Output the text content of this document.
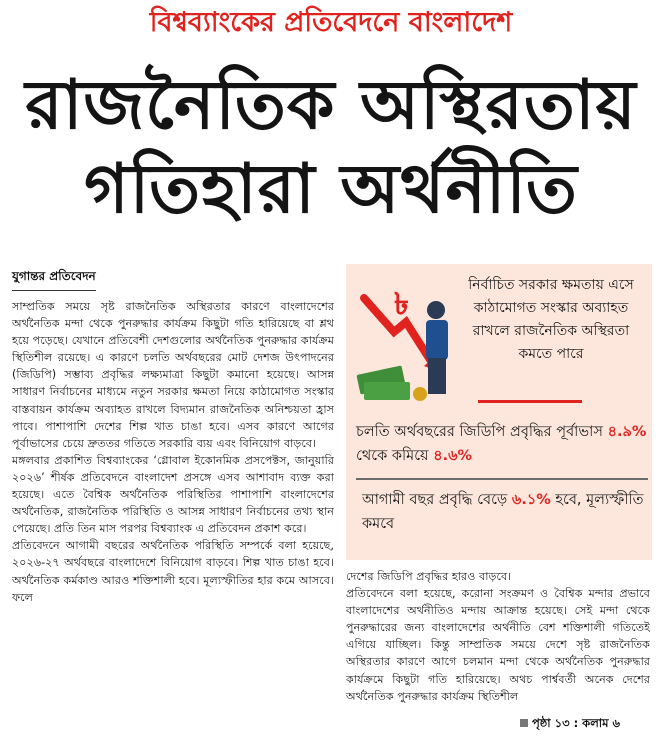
বিশ্বব্যাংকের প্রতিবেদনে বাংলাদেশ
রাজনৈতিক অস্থিরতায়
গতিহারা অর্থনীতি
যুগান্তর প্রতিবেদন

সাম্প্রতিক সময়ে সৃষ্ট রাজনৈতিক অস্থিরতার কারণে বাংলাদেশের অর্থনৈতিক মন্দা থেকে পুনরুদ্ধার কার্যক্রম কিছুটা গতি হারিয়েছে বা শ্লথ হয়ে পড়েছে। যেখানে প্রতিবেশী দেশগুলোর অর্থনৈতিক পুনরুদ্ধার কার্যক্রম স্থিতিশীল রয়েছে। এ কারণে চলতি অর্থবছরের মোট দেশজ উৎপাদনের (জিডিপি) সম্ভাব্য প্রবৃদ্ধির লক্ষ্যমাত্রা কিছুটা কমানো হয়েছে। আসন্ন সাধারণ নির্বাচনের মাধ্যমে নতুন সরকার ক্ষমতা নিয়ে কাঠামোগত সংস্কার বাস্তবায়ন কার্যক্রম অব্যাহত রাখলে বিদ্যমান রাজনৈতিক অনিশ্চয়তা হ্রাস পাবে। পাশাপাশি দেশের শিল্প খাত চাঙা হবে। এসব কারণে আগের পূর্বাভাসের চেয়ে দ্রুততর গতিতে সরকারি ব্যয় এবং বিনিয়োগ বাড়বে।

মঙ্গলবার প্রকাশিত বিশ্বব্যাংকের ‘গ্লোবাল ইকোনমিক প্রসপেক্টস, জানুয়ারি ২০২৬’ শীর্ষক প্রতিবেদনে বাংলাদেশ প্রসঙ্গে এসব আশাবাদ ব্যক্ত করা হয়েছে। এতে বৈশ্বিক অর্থনৈতিক পরিস্থিতির পাশাপাশি বাংলাদেশের অর্থনৈতিক, রাজনৈতিক পরিস্থিতি ও আসন্ন সাধারণ নির্বাচনের তথ্য স্থান পেয়েছে। প্রতি তিন মাস পরপর বিশ্বব্যাংক এ প্রতিবেদন প্রকাশ করে।

প্রতিবেদনে আগামী বছরের অর্থনৈতিক পরিস্থিতি সম্পর্কে বলা হয়েছে, ২০২৬-২৭ অর্থবছরে বাংলাদেশে বিনিয়োগ বাড়বে। শিল্প খাত চাঙা হবে। অর্থনৈতিক কর্মকাণ্ড আরও শক্তিশালী হবে। মূল্যস্ফীতির হার কমে আসবে। ফলে

৳
নির্বাচিত সরকার ক্ষমতায় এসে কাঠামোগত সংস্কার অব্যাহত রাখলে রাজনৈতিক অস্থিরতা কমতে পারে
চলতি অর্থবছরের জিডিপি প্রবৃদ্ধির পূর্বাভাস ৪.৯% থেকে কমিয়ে ৪.৬%
আগামী বছর প্রবৃদ্ধি বেড়ে ৬.১% হবে, মূল্যস্ফীতি কমবে

দেশের জিডিপি প্রবৃদ্ধির হারও বাড়বে।

প্রতিবেদনে বলা হয়েছে, করোনা সংক্রমণ ও বৈশ্বিক মন্দার প্রভাবে বাংলাদেশের অর্থনীতিও মন্দায় আক্রান্ত হয়েছে। সেই মন্দা থেকে পুনরুদ্ধারের জন্য বাংলাদেশের অর্থনীতি বেশ শক্তিশালী গতিতেই এগিয়ে যাচ্ছিল। কিন্তু সাম্প্রতিক সময়ে দেশে সৃষ্ট রাজনৈতিক অস্থিরতার কারণে আগে চলমান মন্দা থেকে অর্থনৈতিক পুনরুদ্ধার কার্যক্রমে কিছুটা গতি হারিয়েছে। অথচ পার্শ্ববর্তী অনেক দেশের অর্থনৈতিক পুনরুদ্ধার কার্যক্রম স্থিতিশীল

পৃষ্ঠা ১৩ : কলাম ৬
